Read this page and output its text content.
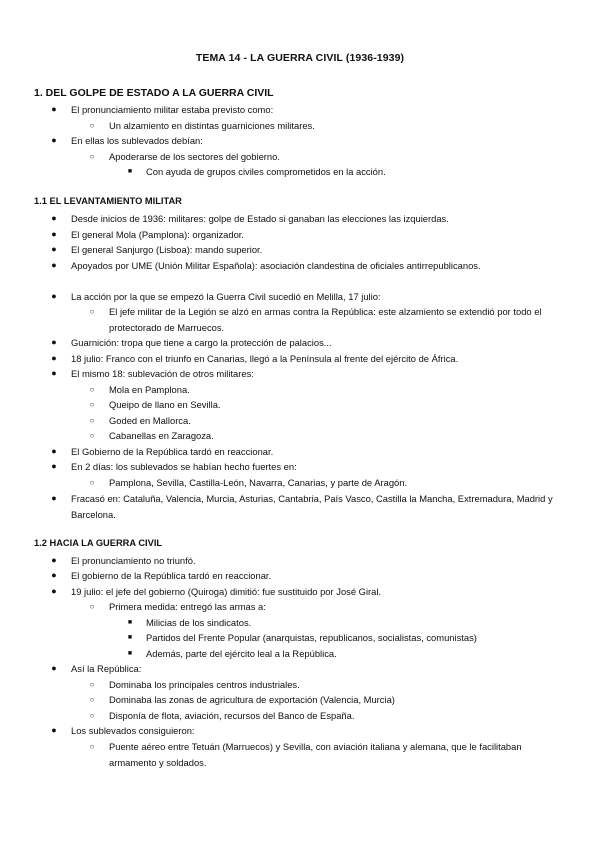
TEMA 14 - LA GUERRA CIVIL (1936-1939)
1. DEL GOLPE DE ESTADO A LA GUERRA CIVIL
● El pronunciamiento militar estaba previsto como:
○ Un alzamiento en distintas guarniciones militares.
● En ellas los sublevados debían:
○ Apoderarse de los sectores del gobierno.
■	Con ayuda de grupos civiles comprometidos en la acción.
1.1 EL LEVANTAMIENTO MILITAR
● Desde inicios de 1936: militares: golpe de Estado si ganaban las elecciones las izquierdas.
● El general Mola (Pamplona): organizador.
● El general Sanjurgo (Lisboa): mando superior.
● Apoyados por UME (Unión Militar Española): asociación clandestina de oficiales antirrepublicanos.
● La acción por la que se empezó la Guerra Civil sucedió en Melilla, 17 julio:
○ El jefe militar de la Legión se alzó en armas contra la República: este alzamiento se extendió por todo el protectorado de Marruecos.
● Guarnición: tropa que tiene a cargo la protección de palacios...
● 18 julio: Franco con el triunfo en Canarias, llegó a la Península al frente del ejército de África.
● El mismo 18: sublevación de otros militares:
○ Mola en Pamplona.
○ Queipo de llano en Sevilla.
○ Goded en Mallorca.
○ Cabanellas en Zaragoza.
● El Gobierno de la República tardó en reaccionar.
● En 2 días: los sublevados se habían hecho fuertes en:
○ Pamplona, Sevilla, Castilla-León, Navarra, Canarias, y parte de Aragón.
● Fracasó en: Cataluña, Valencia, Murcia, Asturias, Cantabria, País Vasco, Castilla la Mancha, Extremadura, Madrid y Barcelona.
1.2 HACIA LA GUERRA CIVIL
● El pronunciamiento no triunfó.
● El gobierno de la República tardó en reaccionar.
● 19 julio: el jefe del gobierno (Quiroga) dimitió: fue sustituido por José Giral.
○ Primera medida: entregó las armas a:
■	Milicias de los sindicatos.
■	Partidos del Frente Popular (anarquistas, republicanos, socialistas, comunistas)
■	Además, parte del ejército leal a la República.
● Así la República:
○ Dominaba los principales centros industriales.
○ Dominaba las zonas de agricultura de exportación (Valencia, Murcia)
○ Disponía de flota, aviación, recursos del Banco de España.
● Los sublevados consiguieron:
○ Puente aéreo entre Tetuán (Marruecos) y Sevilla, con aviación italiana y alemana, que le facilitaban armamento y soldados.
